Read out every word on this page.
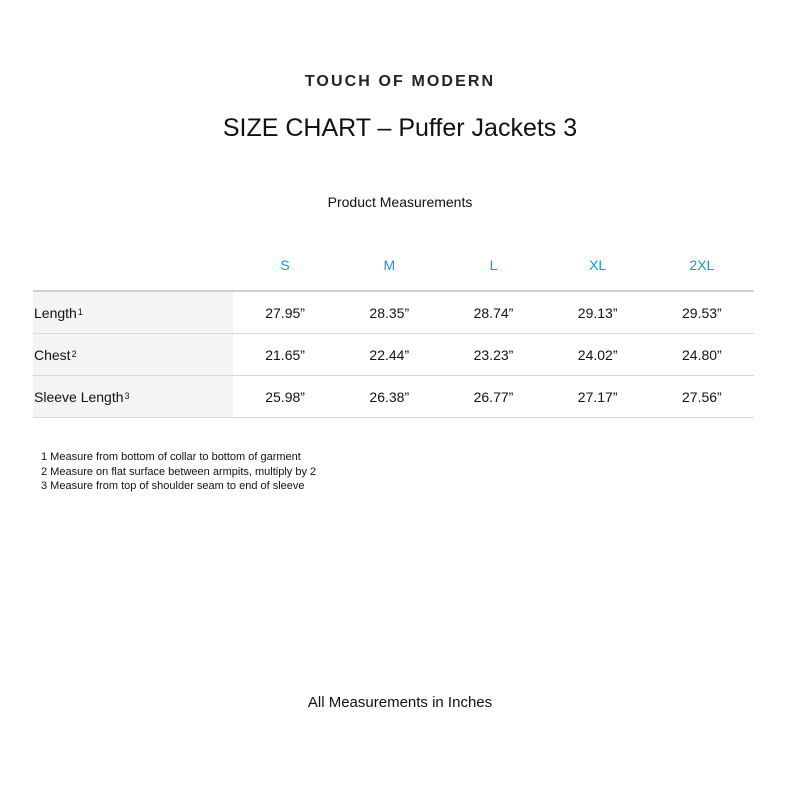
TOUCH OF MODERN
SIZE CHART – Puffer Jackets 3
Product Measurements
	S	M	L	XL	2XL
Length$^1$	27.95”	28.35”	28.74”	29.13”	29.53”
Chest$^2$	21.65”	22.44”	23.23”	24.02”	24.80”
Sleeve Length$^3$	25.98”	26.38”	26.77”	27.17”	27.56”
1 Measure from bottom of collar to bottom of garment
2 Measure on flat surface between armpits, multiply by 2
3 Measure from top of shoulder seam to end of sleeve
All Measurements in Inches
